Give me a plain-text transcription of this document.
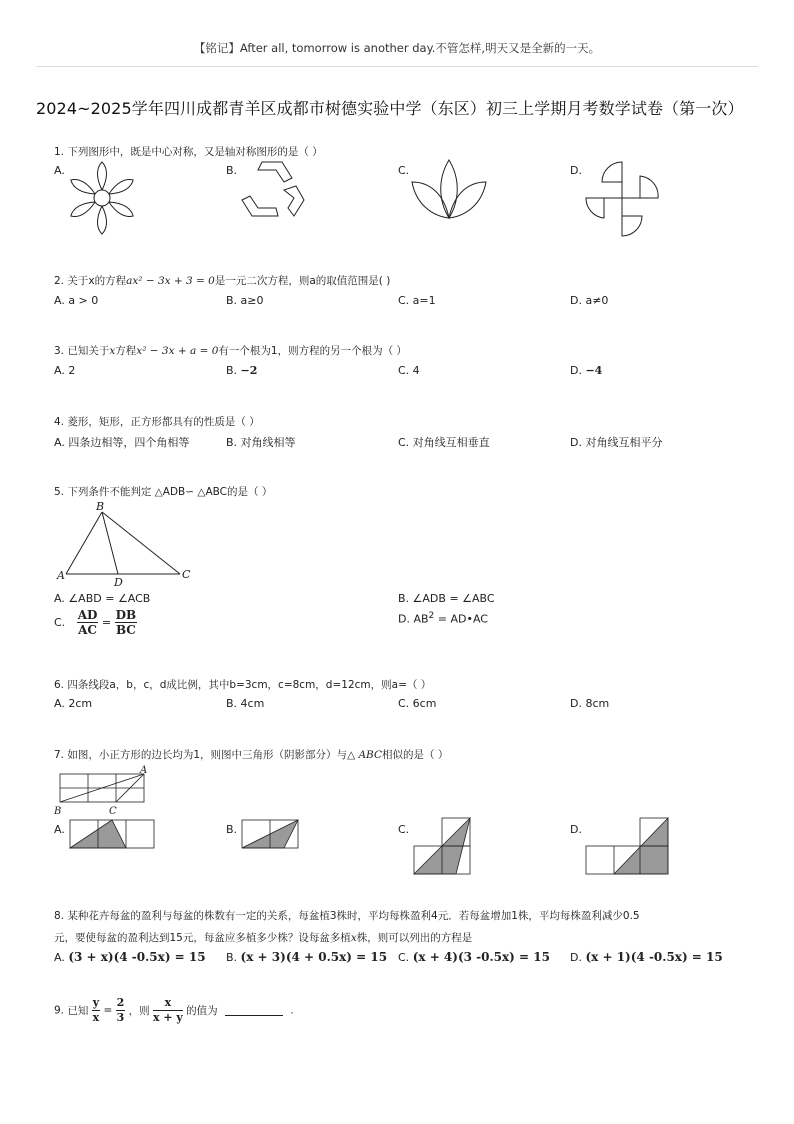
【铭记】After all, tomorrow is another day.不管怎样,明天又是全新的一天。
2024~2025学年四川成都青羊区成都市树德实验中学（东区）初三上学期月考数学试卷（第一次）
1. 下列图形中，既是中心对称，又是轴对称图形的是（ ）
A.	B.	C.	D.
2. 关于x的方程ax² − 3x + 3 = 0是一元二次方程，则a的取值范围是( )
A. a > 0	B. a≥0	C. a=1	D. a≠0
3. 已知关于x方程x² − 3x + a = 0有一个根为1，则方程的另一个根为（ ）
A. 2	B. −2	C. 4	D. −4
4. 菱形，矩形，正方形都具有的性质是（ ）
A. 四条边相等，四个角相等	B. 对角线相等	C. 对角线互相垂直	D. 对角线互相平分
5. 下列条件不能判定 △ADB∽ △ABC的是（ ）
B
A
D
C
A. ∠ABD = ∠ACB	B. ∠ADB = ∠ABC
C. $\frac{AD}{AC} = \frac{DB}{BC}$	D. $AB^2$ = AD•AC
6. 四条线段a，b，c，d成比例，其中b=3cm，c=8cm，d=12cm，则a=（ ）
A. 2cm	B. 4cm	C. 6cm	D. 8cm
7. 如图，小正方形的边长均为1，则图中三角形（阴影部分）与△ ABC相似的是（ ）
A
B	C
A.	B.	C.	D.
8. 某种花卉每盆的盈利与每盆的株数有一定的关系，每盆植3株时，平均每株盈利4元．若每盆增加1株，平均每株盈利减少0.5
元，要使每盆的盈利达到15元，每盆应多植多少株？设每盆多植x株，则可以列出的方程是
A. (3 + x)(4 -0.5x) = 15 B. (x + 3)(4 + 0.5x) = 15 C. (x + 4)(3 -0.5x) = 15 D. (x + 1)(4 -0.5x) = 15
9. 已知 $\frac{y}{x} = \frac{2}{3}$ ，则 $\frac{x}{x + y}$ 的值为	.
